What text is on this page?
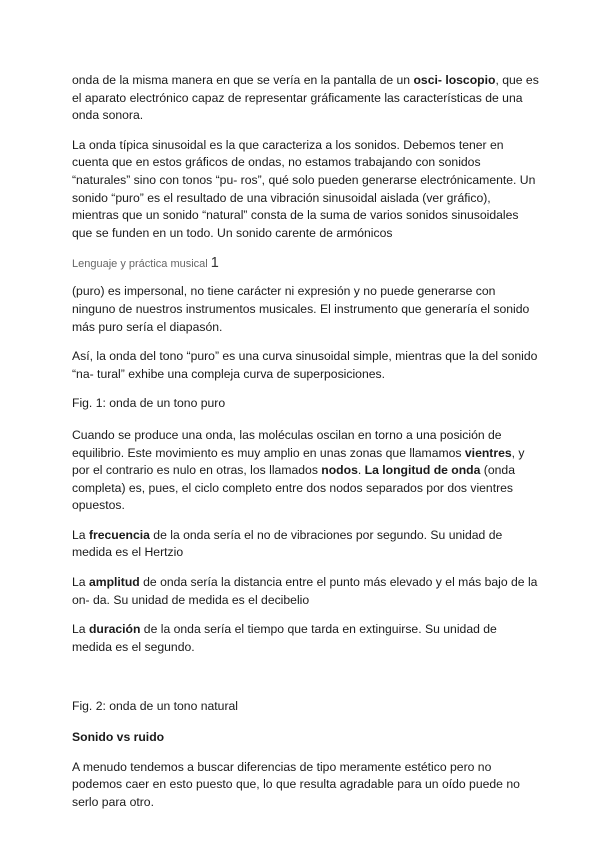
onda de la misma manera en que se vería en la pantalla de un osci- loscopio, que es el aparato electrónico capaz de representar gráficamente las características de una onda sonora.

La onda típica sinusoidal es la que caracteriza a los sonidos. Debemos tener en cuenta que en estos gráficos de ondas, no estamos trabajando con sonidos “naturales” sino con tonos “pu- ros”, qué solo pueden generarse electrónicamente. Un sonido “puro” es el resultado de una vibración sinusoidal aislada (ver gráfico), mientras que un sonido “natural” consta de la suma de varios sonidos sinusoidales que se funden en un todo. Un sonido carente de armónicos

Lenguaje y práctica musical 1

(puro) es impersonal, no tiene carácter ni expresión y no puede generarse con ninguno de nuestros instrumentos musicales. El instrumento que generaría el sonido más puro sería el diapasón.

Así, la onda del tono “puro” es una curva sinusoidal simple, mientras que la del sonido “na- tural” exhibe una compleja curva de superposiciones.

Fig. 1: onda de un tono puro

Cuando se produce una onda, las moléculas oscilan en torno a una posición de equilibrio. Este movimiento es muy amplio en unas zonas que llamamos vientres, y por el contrario es nulo en otras, los llamados nodos. La longitud de onda (onda completa) es, pues, el ciclo completo entre dos nodos separados por dos vientres opuestos.

La frecuencia de la onda sería el no de vibraciones por segundo. Su unidad de medida es el Hertzio

La amplitud de onda sería la distancia entre el punto más elevado y el más bajo de la on- da. Su unidad de medida es el decibelio

La duración de la onda sería el tiempo que tarda en extinguirse. Su unidad de medida es el segundo.

Fig. 2: onda de un tono natural

Sonido vs ruido

A menudo tendemos a buscar diferencias de tipo meramente estético pero no podemos caer en esto puesto que, lo que resulta agradable para un oído puede no serlo para otro.
